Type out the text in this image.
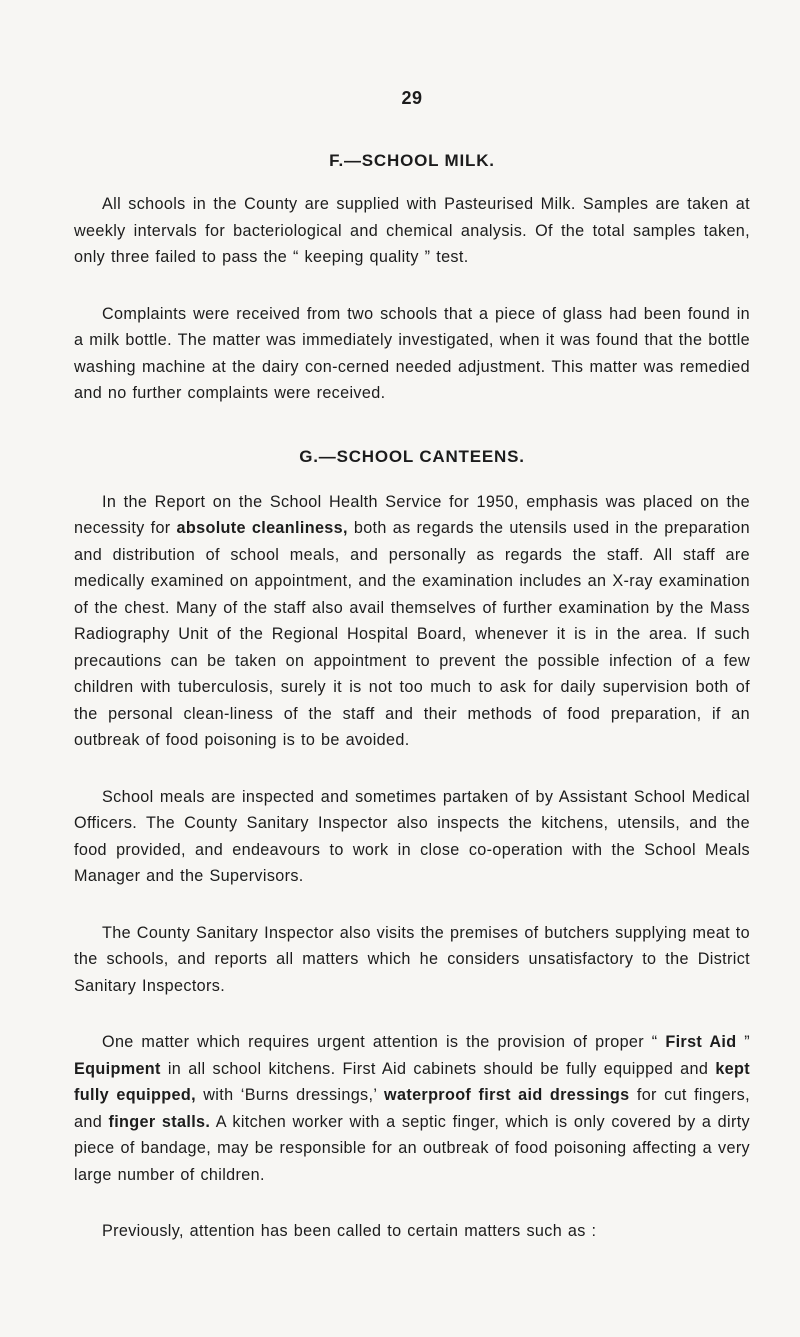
29
F.—SCHOOL MILK.

All schools in the County are supplied with Pasteurised Milk. Samples are taken at weekly intervals for bacteriological and chemical analysis. Of the total samples taken, only three failed to pass the “ keeping quality ” test.

Complaints were received from two schools that a piece of glass had been found in a milk bottle. The matter was immediately investigated, when it was found that the bottle washing machine at the dairy con-cerned needed adjustment. This matter was remedied and no further complaints were received.

G.—SCHOOL CANTEENS.

In the Report on the School Health Service for 1950, emphasis was placed on the necessity for absolute cleanliness, both as regards the utensils used in the preparation and distribution of school meals, and personally as regards the staff. All staff are medically examined on appointment, and the examination includes an X-ray examination of the chest. Many of the staff also avail themselves of further examination by the Mass Radiography Unit of the Regional Hospital Board, whenever it is in the area. If such precautions can be taken on appointment to prevent the possible infection of a few children with tuberculosis, surely it is not too much to ask for daily supervision both of the personal clean-liness of the staff and their methods of food preparation, if an outbreak of food poisoning is to be avoided.

School meals are inspected and sometimes partaken of by Assistant School Medical Officers. The County Sanitary Inspector also inspects the kitchens, utensils, and the food provided, and endeavours to work in close co-operation with the School Meals Manager and the Supervisors.

The County Sanitary Inspector also visits the premises of butchers supplying meat to the schools, and reports all matters which he considers unsatisfactory to the District Sanitary Inspectors.

One matter which requires urgent attention is the provision of proper “ First Aid ” Equipment in all school kitchens. First Aid cabinets should be fully equipped and kept fully equipped, with ‘Burns dressings,’ waterproof first aid dressings for cut fingers, and finger stalls. A kitchen worker with a septic finger, which is only covered by a dirty piece of bandage, may be responsible for an outbreak of food poisoning affecting a very large number of children.

Previously, attention has been called to certain matters such as :
